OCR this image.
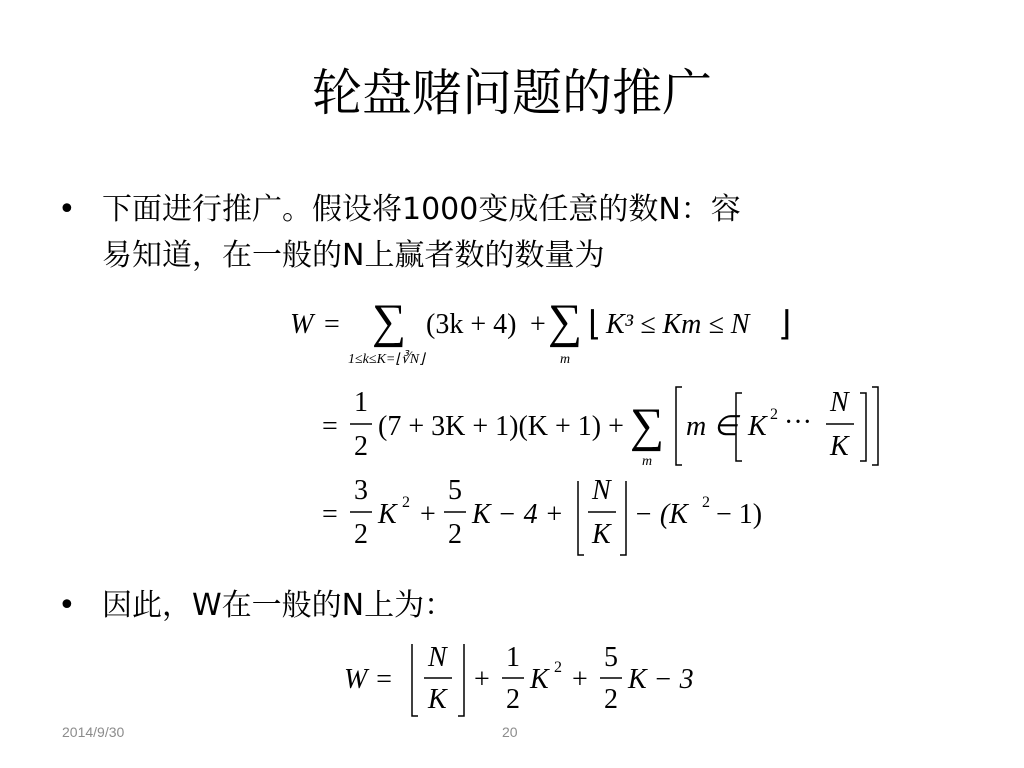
轮盘赌问题的推广
• 下面进行推广。假设将1000变成任意的数N：容
易知道，在一般的N上赢者数的数量为
W = ∑
1≤k≤K=⌊∛N⌋
(3k + 4) + ∑
m
⌊ K³ ≤ Km ≤ N ⌋
=
1
2
(7 + 3K + 1)(K + 1) + ∑
m
m ∈ K 2 ···
N
K
=
3
2
K 2 +
5
2
K − 4 +
N
K
− (K 2 − 1)
• 因此，W在一般的N上为：
W =
N
K
+
1
2
K 2 +
5
2
K − 3
2014/9/30	20
